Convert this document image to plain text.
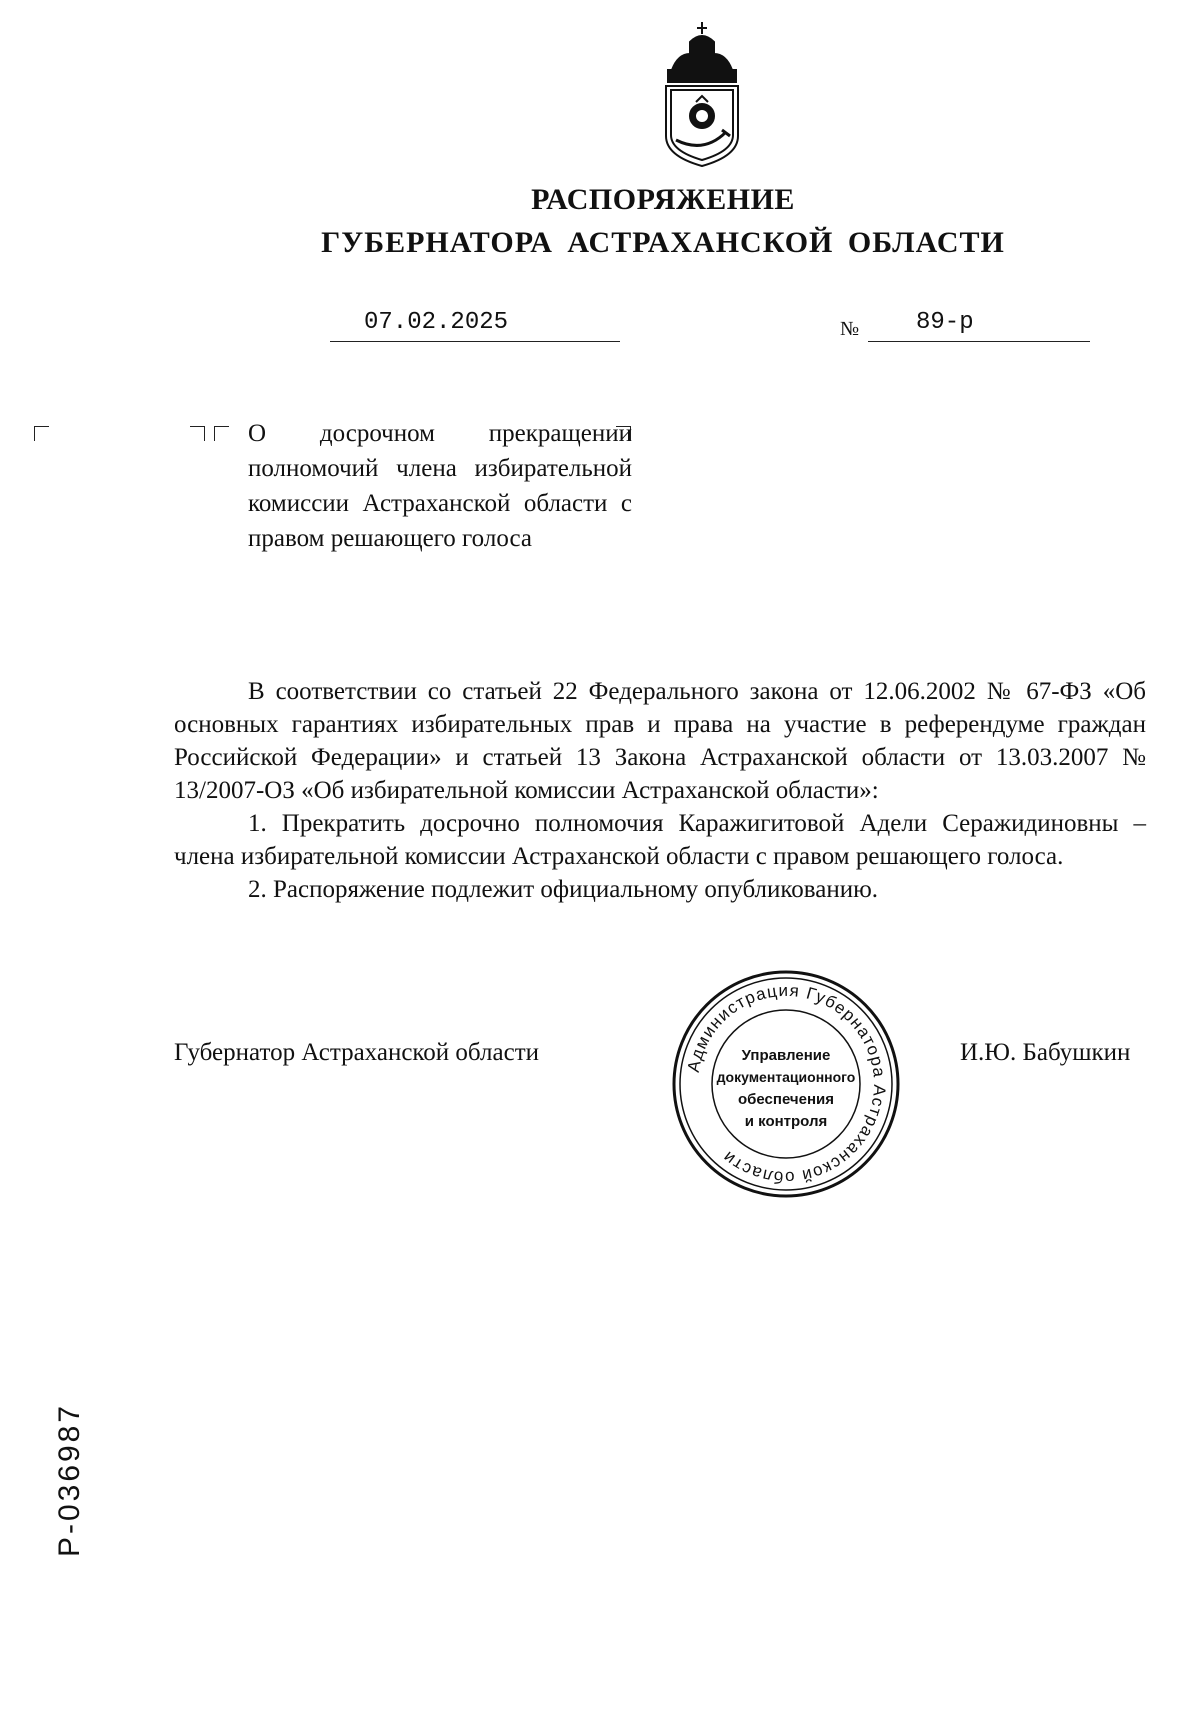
РАСПОРЯЖЕНИЕ
ГУБЕРНАТОРА АСТРАХАНСКОЙ ОБЛАСТИ
07.02.2025	№	89-р
О досрочном прекращении полномочий члена избирательной комиссии Астраханской области с правом решающего голоса

В соответствии со статьей 22 Федерального закона от 12.06.2002 № 67-ФЗ «Об основных гарантиях избирательных прав и права на участие в референдуме граждан Российской Федерации» и статьей 13 Закона Астраханской области от 13.03.2007 № 13/2007-ОЗ «Об избирательной комиссии Астраханской области»:

1. Прекратить досрочно полномочия Каражигитовой Адели Серажидиновны – члена избирательной комиссии Астраханской области с правом решающего голоса.

2. Распоряжение подлежит официальному опубликованию.

Губернатор Астраханской области	И.Ю. Бабушкин
Администрация Губернатора Астраханской области
Управление
документационного
обеспечения
и контроля
Р-036987
